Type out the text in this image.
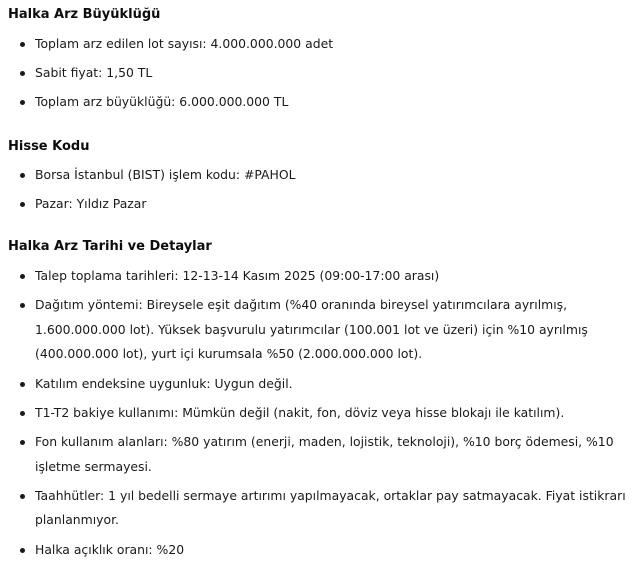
Halka Arz Büyüklüğü
Toplam arz edilen lot sayısı: 4.000.000.000 adet
Sabit fiyat: 1,50 TL
Toplam arz büyüklüğü: 6.000.000.000 TL
Hisse Kodu
Borsa İstanbul (BIST) işlem kodu: #PAHOL
Pazar: Yıldız Pazar
Halka Arz Tarihi ve Detaylar
Talep toplama tarihleri: 12-13-14 Kasım 2025 (09:00-17:00 arası)
Dağıtım yöntemi: Bireysele eşit dağıtım (%40 oranında bireysel yatırımcılara ayrılmış, 1.600.000.000 lot). Yüksek başvurulu yatırımcılar (100.001 lot ve üzeri) için %10 ayrılmış (400.000.000 lot), yurt içi kurumsala %50 (2.000.000.000 lot).
Katılım endeksine uygunluk: Uygun değil.
T1-T2 bakiye kullanımı: Mümkün değil (nakit, fon, döviz veya hisse blokajı ile katılım).
Fon kullanım alanları: %80 yatırım (enerji, maden, lojistik, teknoloji), %10 borç ödemesi, %10 işletme sermayesi.
Taahhütler: 1 yıl bedelli sermaye artırımı yapılmayacak, ortaklar pay satmayacak. Fiyat istikrarı planlanmıyor.
Halka açıklık oranı: %20
